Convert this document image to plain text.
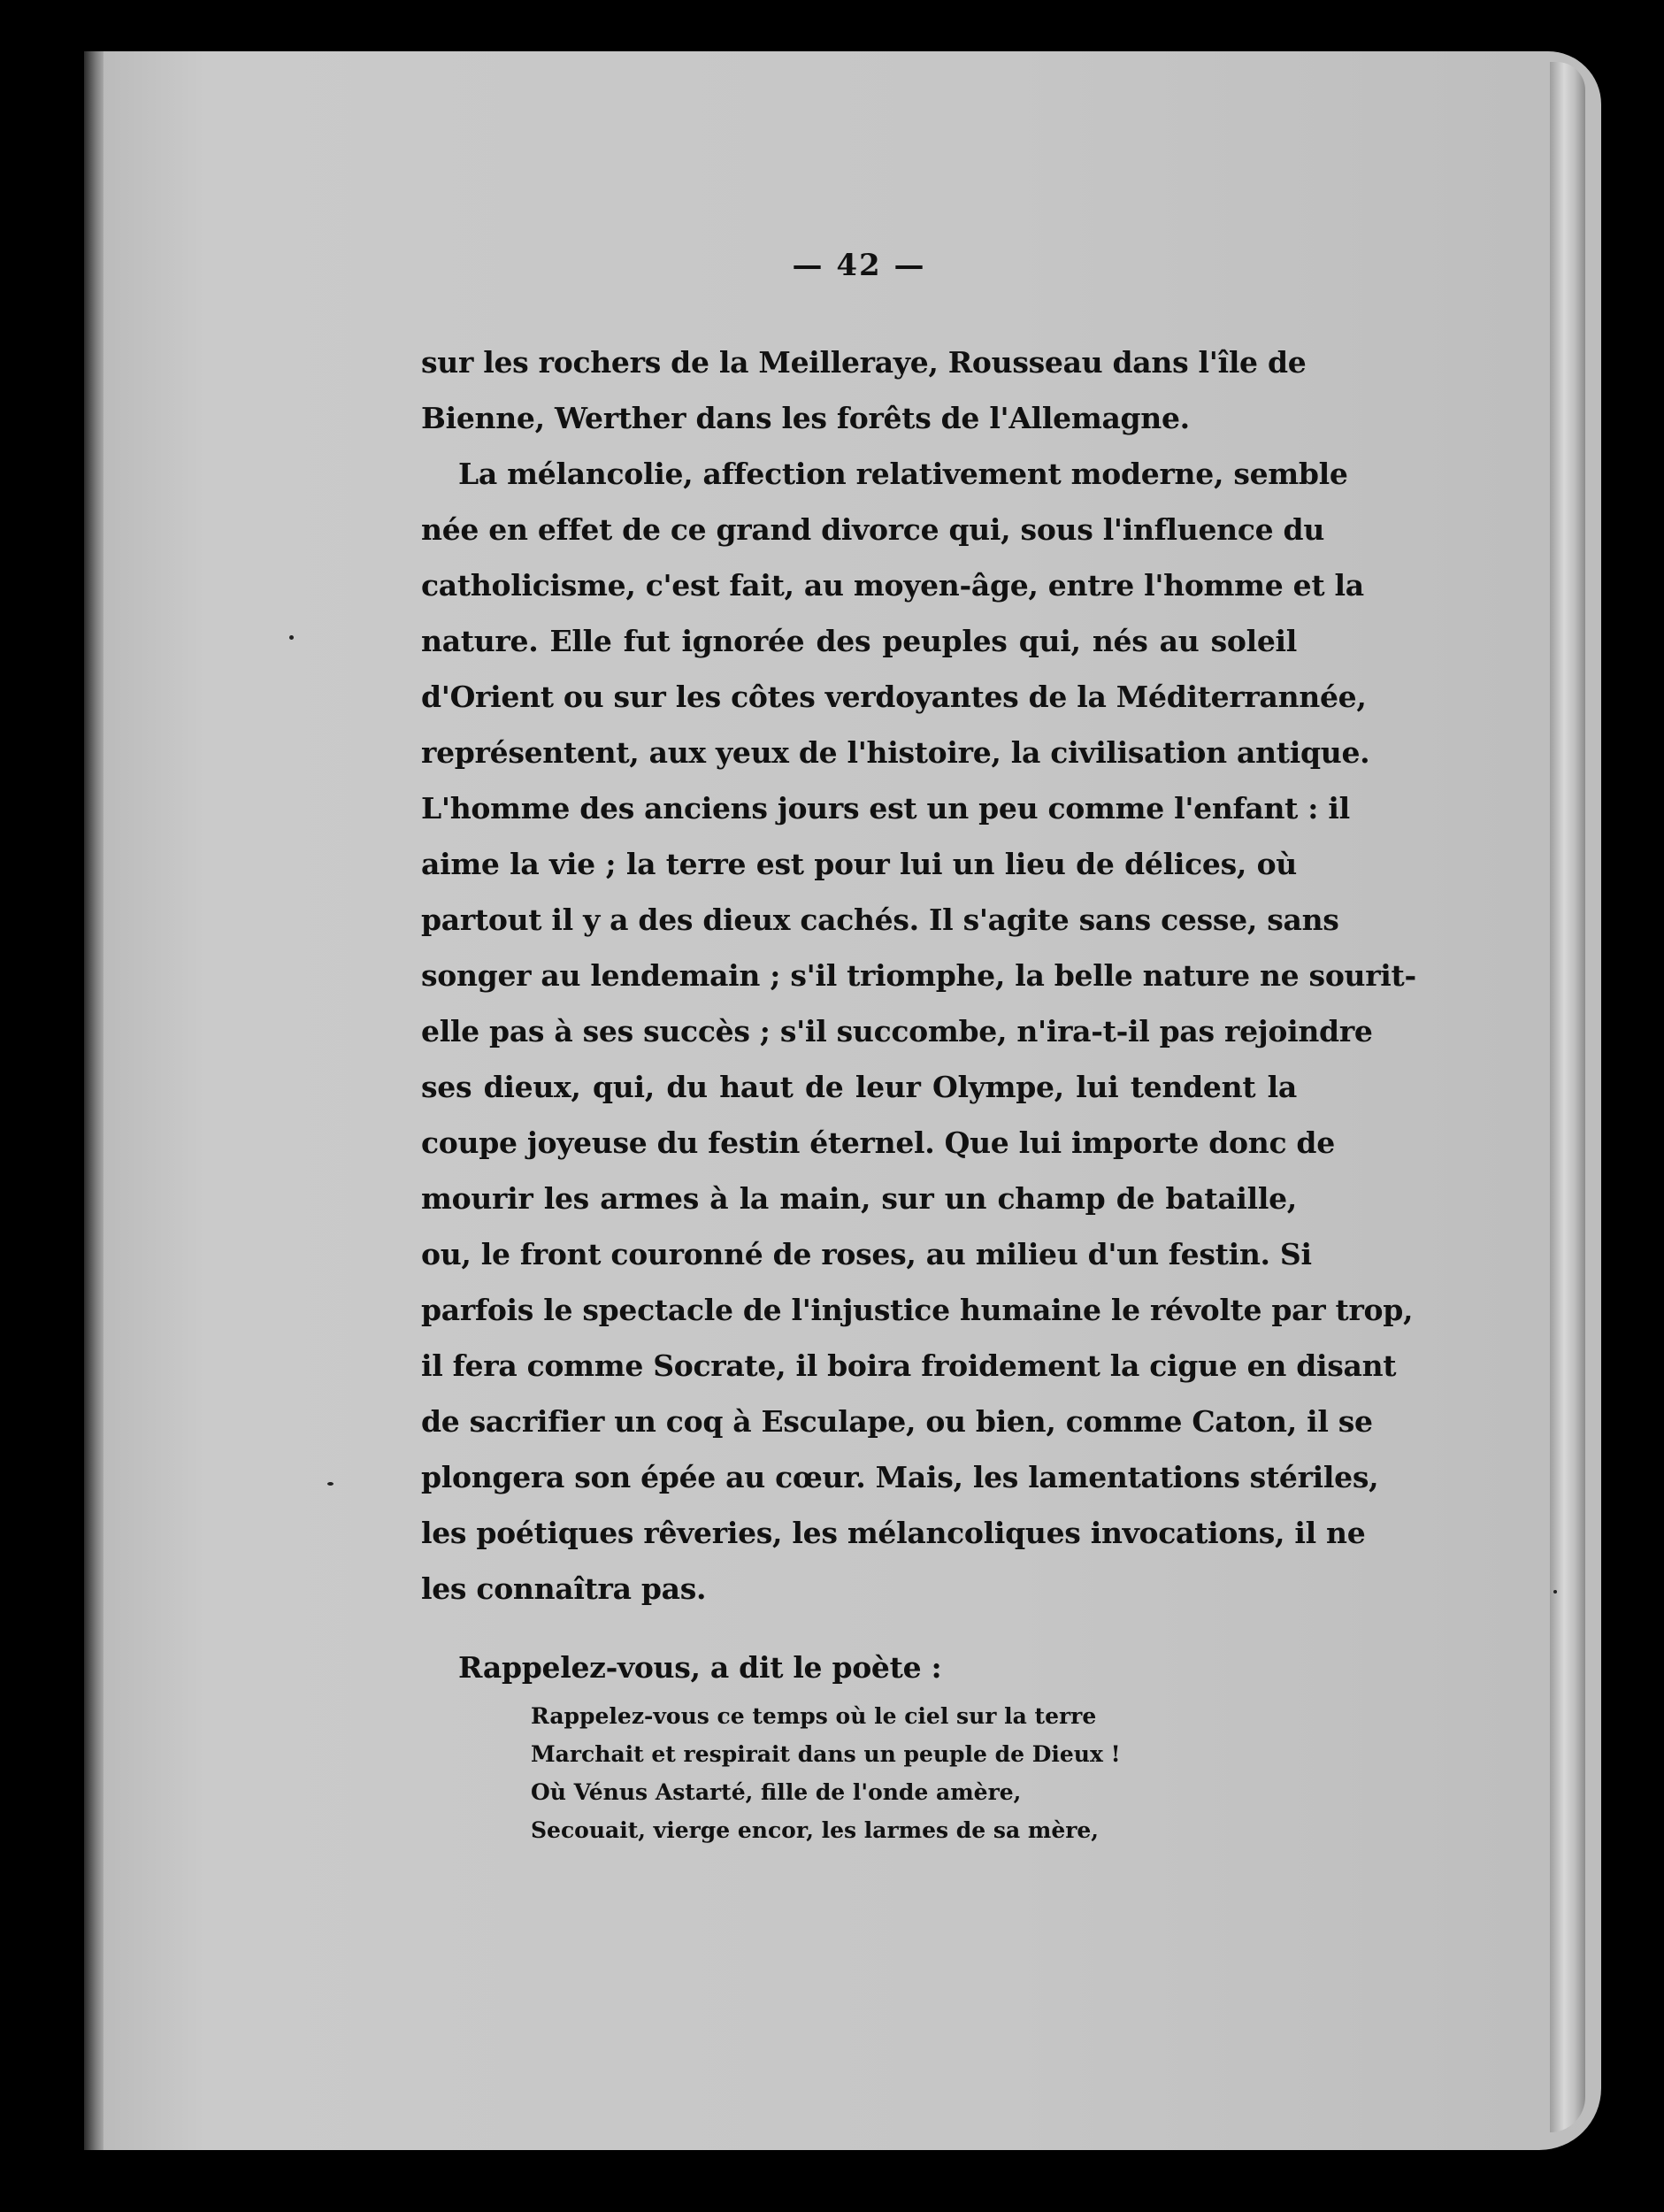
— 42 —
sur les rochers de la Meilleraye, Rousseau dans l'île de
Bienne, Werther dans les forêts de l'Allemagne.
La mélancolie, affection relativement moderne, semble
née en effet de ce grand divorce qui, sous l'influence du
catholicisme, c'est fait, au moyen-âge, entre l'homme et la
nature. Elle fut ignorée des peuples qui, nés au soleil
d'Orient ou sur les côtes verdoyantes de la Méditerrannée,
représentent, aux yeux de l'histoire, la civilisation antique.
L'homme des anciens jours est un peu comme l'enfant : il
aime la vie ; la terre est pour lui un lieu de délices, où
partout il y a des dieux cachés. Il s'agite sans cesse, sans
songer au lendemain ; s'il triomphe, la belle nature ne sourit-
elle pas à ses succès ; s'il succombe, n'ira-t-il pas rejoindre
ses dieux, qui, du haut de leur Olympe, lui tendent la
coupe joyeuse du festin éternel. Que lui importe donc de
mourir les armes à la main, sur un champ de bataille,
ou, le front couronné de roses, au milieu d'un festin. Si
parfois le spectacle de l'injustice humaine le révolte par trop,
il fera comme Socrate, il boira froidement la cigue en disant
de sacrifier un coq à Esculape, ou bien, comme Caton, il se
plongera son épée au cœur. Mais, les lamentations stériles,
les poétiques rêveries, les mélancoliques invocations, il ne
les connaîtra pas.
Rappelez-vous, a dit le poète :
Rappelez-vous ce temps où le ciel sur la terre
Marchait et respirait dans un peuple de Dieux !
Où Vénus Astarté, fille de l'onde amère,
Secouait, vierge encor, les larmes de sa mère,
